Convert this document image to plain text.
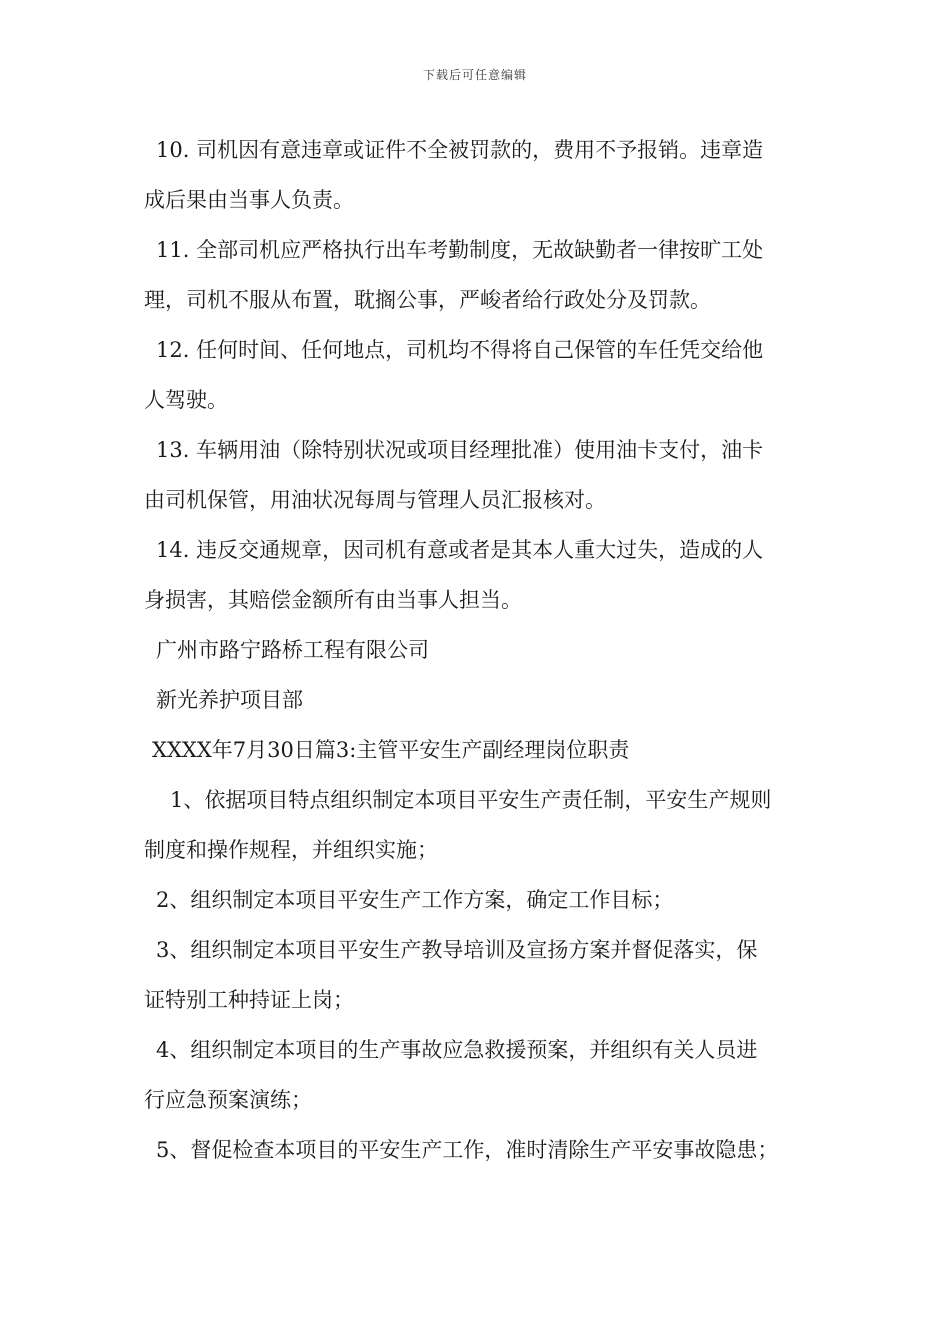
下载后可任意编辑
10. 司机因有意违章或证件不全被罚款的，费用不予报销。违章造
成后果由当事人负责。
11. 全部司机应严格执行出车考勤制度，无故缺勤者一律按旷工处
理，司机不服从布置，耽搁公事，严峻者给行政处分及罚款。
12. 任何时间、任何地点，司机均不得将自己保管的车任凭交给他
人驾驶。
13. 车辆用油（除特别状况或项目经理批准）使用油卡支付，油卡
由司机保管，用油状况每周与管理人员汇报核对。
14. 违反交通规章，因司机有意或者是其本人重大过失，造成的人
身损害，其赔偿金额所有由当事人担当。
广州市路宁路桥工程有限公司
新光养护项目部
XXXX年7月30日篇3:主管平安生产副经理岗位职责
1、依据项目特点组织制定本项目平安生产责任制，平安生产规则
制度和操作规程，并组织实施；
2、组织制定本项目平安生产工作方案，确定工作目标；
3、组织制定本项目平安生产教导培训及宣扬方案并督促落实，保
证特别工种持证上岗；
4、组织制定本项目的生产事故应急救援预案，并组织有关人员进
行应急预案演练；
5、督促检查本项目的平安生产工作，准时清除生产平安事故隐患；
